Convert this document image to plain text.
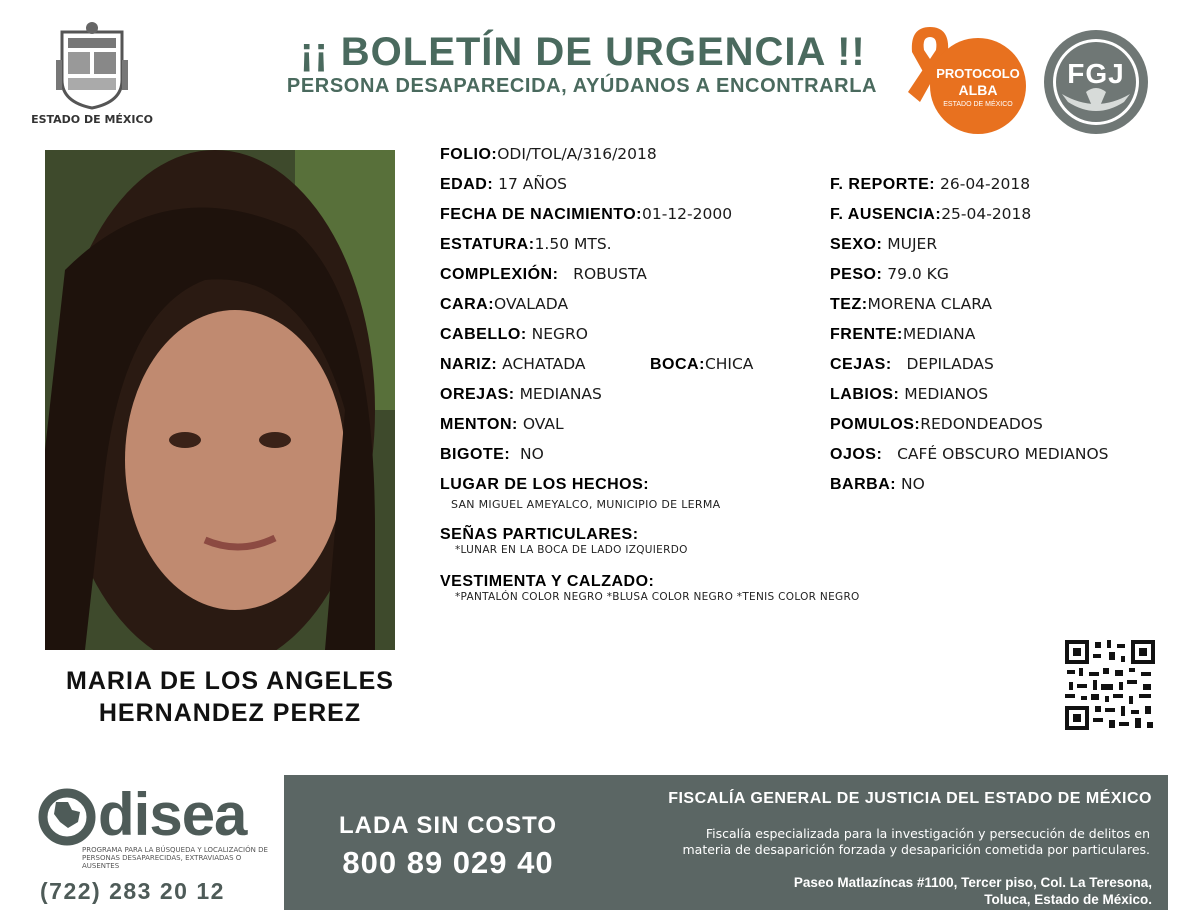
ESTADO DE MÉXICO
¡¡ BOLETÍN DE URGENCIA !!
PERSONA DESAPARECIDA, AYÚDANOS A ENCONTRARLA
PROTOCOLO
ALBA
ESTADO DE MÉXICO
FGJ
MARIA DE LOS ANGELES
HERNANDEZ PEREZ
FOLIO:ODI/TOL/A/316/2018
EDAD: 17 AÑOS
FECHA DE NACIMIENTO:01-12-2000
ESTATURA:1.50 MTS.
COMPLEXIÓN: ROBUSTA
CARA:OVALADA
CABELLO: NEGRO
NARIZ: ACHATADA	BOCA:CHICA
OREJAS: MEDIANAS
MENTON: OVAL
BIGOTE: NO
LUGAR DE LOS HECHOS:
SAN MIGUEL AMEYALCO, MUNICIPIO DE LERMA
SEÑAS PARTICULARES:
*LUNAR EN LA BOCA DE LADO IZQUIERDO
VESTIMENTA Y CALZADO:
*PANTALÓN COLOR NEGRO *BLUSA COLOR NEGRO *TENIS COLOR NEGRO
F. REPORTE: 26-04-2018
F. AUSENCIA:25-04-2018
SEXO: MUJER
PESO: 79.0 KG
TEZ:MORENA CLARA
FRENTE:MEDIANA
CEJAS: DEPILADAS
LABIOS: MEDIANOS
POMULOS:REDONDEADOS
OJOS: CAFÉ OBSCURO MEDIANOS
BARBA: NO
disea
PROGRAMA PARA LA BÚSQUEDA Y LOCALIZACIÓN DE PERSONAS DESAPARECIDAS, EXTRAVIADAS O AUSENTES
(722) 283 20 12
LADA SIN COSTO
800 89 029 40
FISCALÍA GENERAL DE JUSTICIA DEL ESTADO DE MÉXICO
Fiscalía especializada para la investigación y persecución de delitos en
materia de desaparición forzada y desaparición cometida por particulares.
Paseo Matlazíncas #1100, Tercer piso, Col. La Teresona,
Toluca, Estado de México.
